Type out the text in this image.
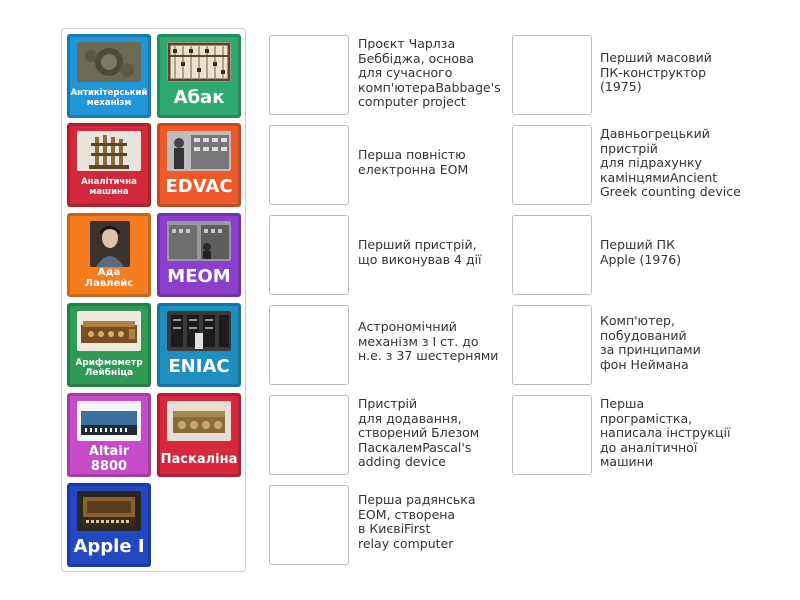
Антикітерський механізм	Абак
Аналітична машина	EDVAC
Ада Лавлейс	МЕОМ
Арифмометр Лейбніца	ENIAC
Altair 8800	Паскаліна
Apple I
Проєкт Чарлза
Беббіджа, основа
для сучасного
комп'ютераBabbage's
computer project
Перша повністю
електронна ЕОМ
Перший пристрій,
що виконував 4 дії
Астрономічний
механізм з I ст. до
н.е. з 37 шестернями
Пристрій
для додавання,
створений Блезом
ПаскалемPascal's
adding device
Перша радянська
ЕОМ, створена
в КиєвіFirst
relay computer
Перший масовий
ПК-конструктор
(1975)
Давньогрецький
пристрій
для підрахунку
камінцямиAncient
Greek counting device
Перший ПК
Apple (1976)
Комп'ютер,
побудований
за принципами
фон Неймана
Перша
програмістка,
написала інструкції
до аналітичної
машини
